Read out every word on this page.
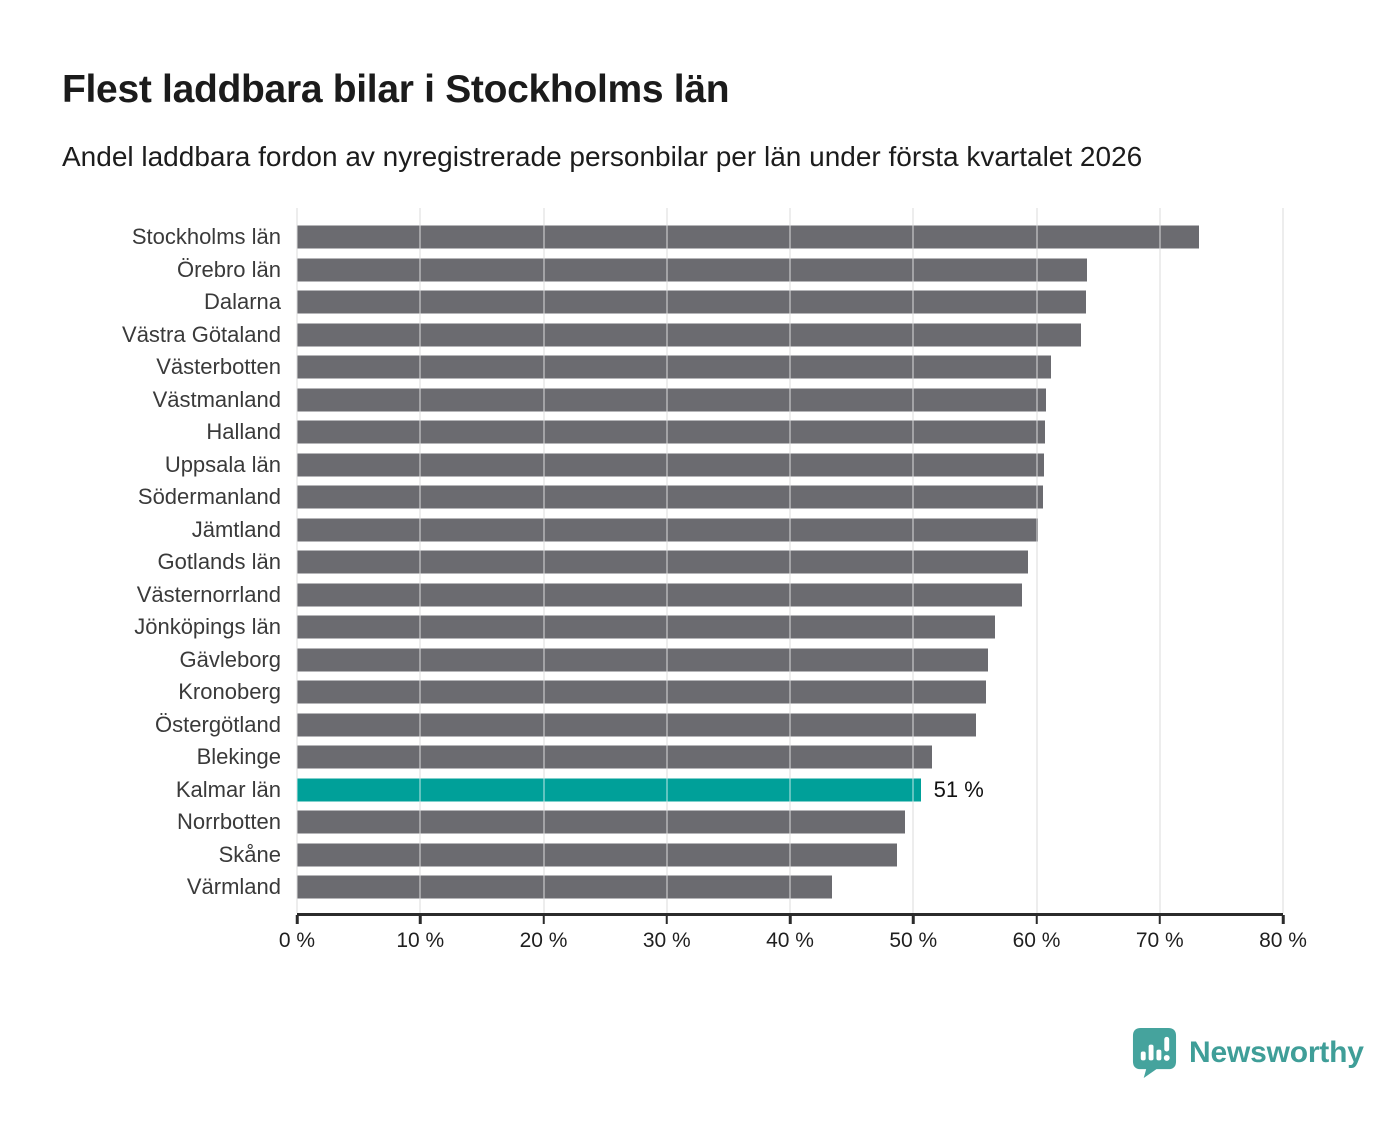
Flest laddbara bilar i Stockholms län

Andel laddbara fordon av nyregistrerade personbilar per län under första kvartalet 2026

Stockholms län
Örebro län
Dalarna
Västra Götaland
Västerbotten
Västmanland
Halland
Uppsala län
Södermanland
Jämtland
Gotlands län
Västernorrland
Jönköpings län
Gävleborg
Kronoberg
Östergötland
Blekinge
Kalmar län	51 %
Norrbotten
Skåne
Värmland
0 %	10 %	20 %	30 %	40 %	50 %	60 %	70 %	80 %
Newsworthy
